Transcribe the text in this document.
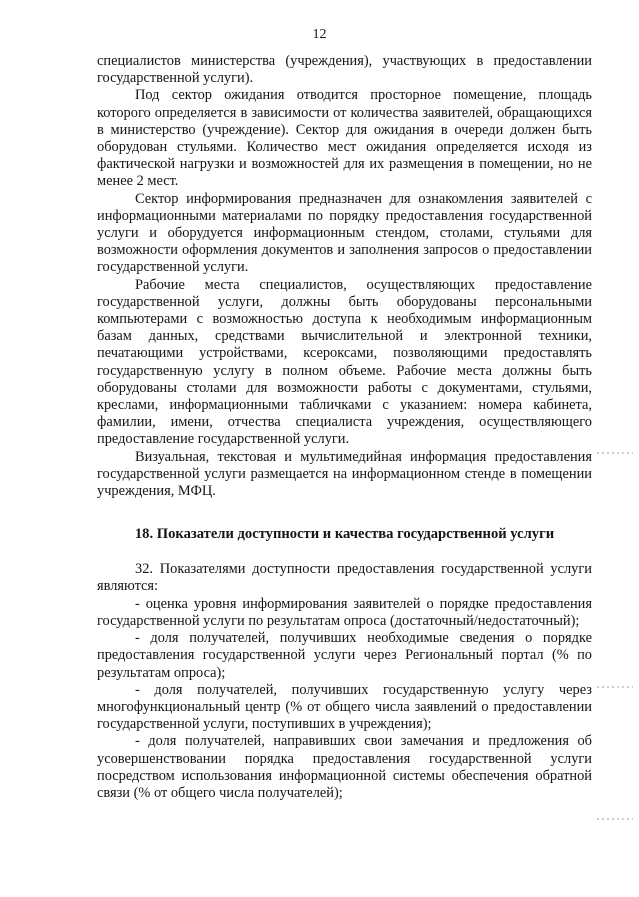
12

специалистов министерства (учреждения), участвующих в предоставлении государственной услуги).

Под сектор ожидания отводится просторное помещение, площадь которого определяется в зависимости от количества заявителей, обращающихся в министерство (учреждение). Сектор для ожидания в очереди должен быть оборудован стульями. Количество мест ожидания определяется исходя из фактической нагрузки и возможностей для их размещения в помещении, но не менее 2 мест.

Сектор информирования предназначен для ознакомления заявителей с информационными материалами по порядку предоставления государственной услуги и оборудуется информационным стендом, столами, стульями для возможности оформления документов и заполнения запросов о предоставлении государственной услуги.

Рабочие места специалистов, осуществляющих предоставление государственной услуги, должны быть оборудованы персональными компьютерами с возможностью доступа к необходимым информационным базам данных, средствами вычислительной и электронной техники, печатающими устройствами, ксероксами, позволяющими предоставлять государственную услугу в полном объеме. Рабочие места должны быть оборудованы столами для возможности работы с документами, стульями, креслами, информационными табличками с указанием: номера кабинета, фамилии, имени, отчества специалиста учреждения, осуществляющего предоставление государственной услуги.

Визуальная, текстовая и мультимедийная информация предоставления государственной услуги размещается на информационном стенде в помещении учреждения, МФЦ.

18. Показатели доступности и качества государственной услуги

32. Показателями доступности предоставления государственной услуги являются:

- оценка уровня информирования заявителей о порядке предоставления государственной услуги по результатам опроса (достаточный/недостаточный);

- доля получателей, получивших необходимые сведения о порядке предоставления государственной услуги через Региональный портал (% по результатам опроса);

- доля получателей, получивших государственную услугу через многофункциональный центр (% от общего числа заявлений о предоставлении государственной услуги, поступивших в учреждения);

- доля получателей, направивших свои замечания и предложения об усовершенствовании порядка предоставления государственной услуги посредством использования информационной системы обеспечения обратной связи (% от общего числа получателей);
